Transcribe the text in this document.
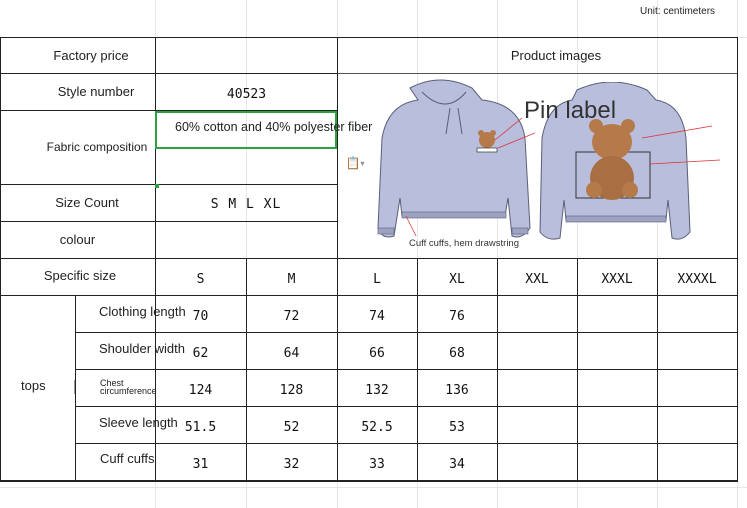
Unit: centimeters
Factory price	Product images
Style number	40523
Fabric composition
60% cotton and 40% polyester fiber
📋 ▾
Size Count	S M L XL
colour
Pin label
Cuff cuffs, hem drawstring
Specific size	S	M	L	XL	XXL	XXXL	XXXXL
tops
Clothing length 70	72	74	76
Shoulder width 62	64	66	68
Chest
circumference	124	128	132	136
Sleeve length 51.5	52	52.5	53
Cuff cuffs	31	32	33	34
